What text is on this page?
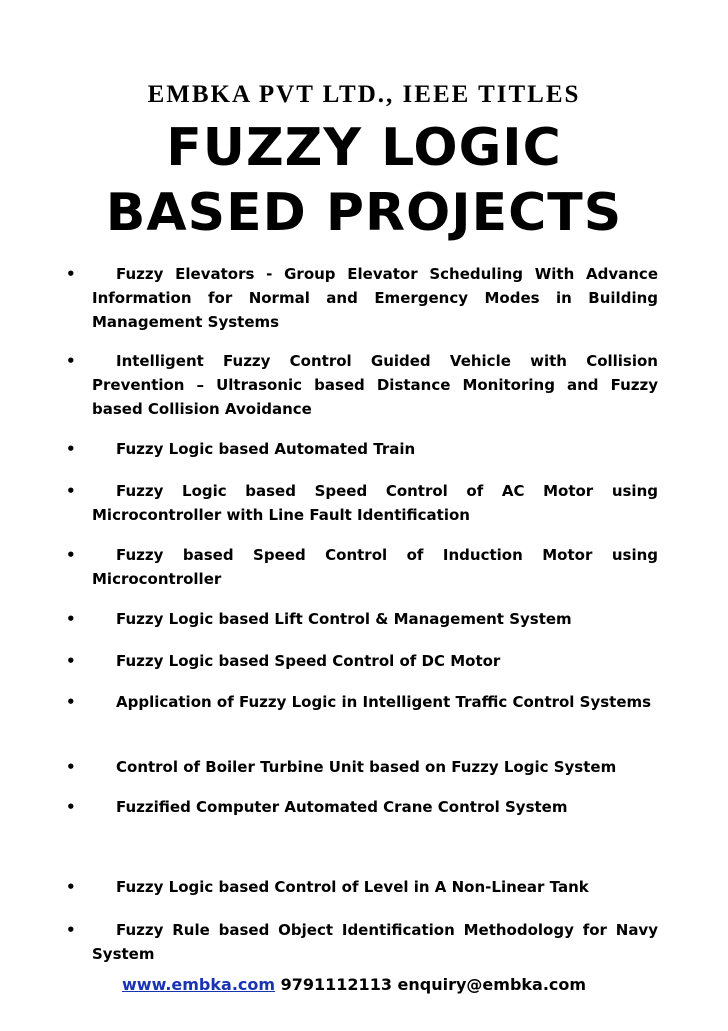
EMBKA PVT LTD., IEEE TITLES
FUZZY LOGIC
BASED PROJECTS
•	Fuzzy Elevators - Group Elevator Scheduling With Advance Information for Normal and Emergency Modes in Building Management Systems
•	Intelligent Fuzzy Control Guided Vehicle with Collision Prevention – Ultrasonic based Distance Monitoring and Fuzzy based Collision Avoidance
•	Fuzzy Logic based Automated Train
•	Fuzzy Logic based Speed Control of AC Motor using Microcontroller with Line Fault Identification
•	Fuzzy based Speed Control of Induction Motor using Microcontroller
•	Fuzzy Logic based Lift Control & Management System
•	Fuzzy Logic based Speed Control of DC Motor
•	Application of Fuzzy Logic in Intelligent Traffic Control Systems
•	Control of Boiler Turbine Unit based on Fuzzy Logic System
•	Fuzzified Computer Automated Crane Control System
•	Fuzzy Logic based Control of Level in A Non-Linear Tank
•	Fuzzy Rule based Object Identification Methodology for Navy System
www.embka.com 9791112113 enquiry@embka.com
